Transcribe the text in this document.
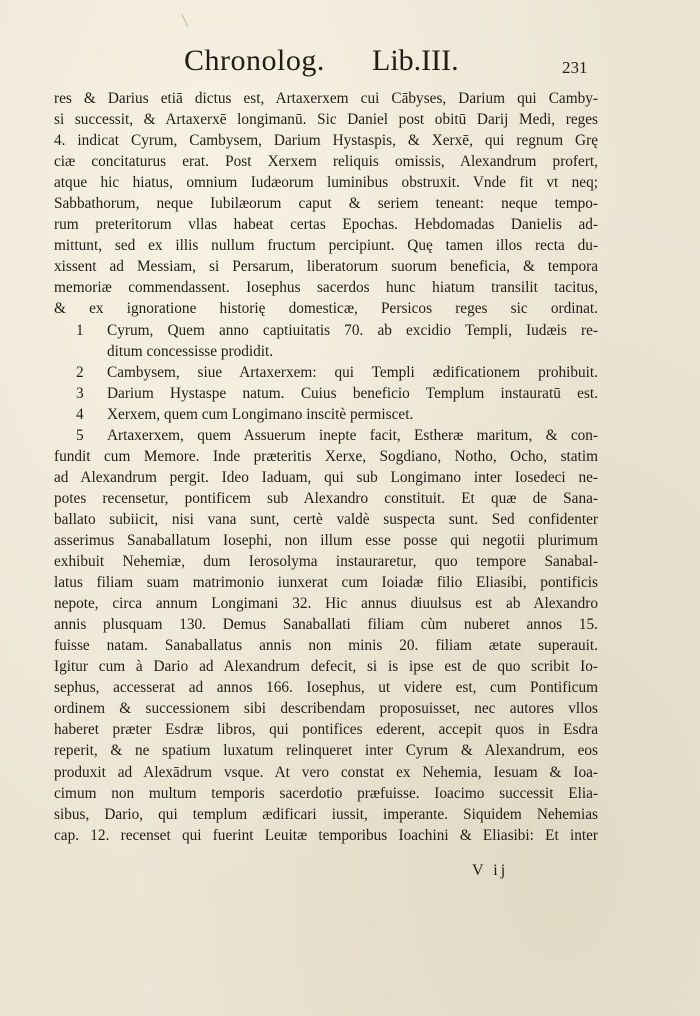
Chronolog. Lib.III.	231
res & Darius etiā dictus est, Artaxerxem cui Cābyses, Darium qui Camby-
si successit, & Artaxerxē longimanū. Sic Daniel post obitū Darij Medi, reges
4. indicat Cyrum, Cambysem, Darium Hystaspis, & Xerxē, qui regnum Grę
ciæ concitaturus erat. Post Xerxem reliquis omissis, Alexandrum profert,
atque hic hiatus, omnium Iudæorum luminibus obstruxit. Vnde fit vt neq;
Sabbathorum, neque Iubilæorum caput & seriem teneant: neque tempo-
rum preteritorum vllas habeat certas Epochas. Hebdomadas Danielis ad-
mittunt, sed ex illis nullum fructum percipiunt. Quę tamen illos recta du-
xissent ad Messiam, si Persarum, liberatorum suorum beneficia, & tempora
memoriæ commendassent. Iosephus sacerdos hunc hiatum transilit tacitus,
& ex ignoratione historię domesticæ, Persicos reges sic ordinat.
1 Cyrum, Quem anno captiuitatis 70. ab excidio Templi, Iudæis re-
ditum concessisse prodidit.
2 Cambysem, siue Artaxerxem: qui Templi ædificationem prohibuit.
3 Darium Hystaspe natum. Cuius beneficio Templum instauratū est.
4 Xerxem, quem cum Longimano inscitè permiscet.
5 Artaxerxem, quem Assuerum inepte facit, Estheræ maritum, & con-
fundit cum Memore. Inde præteritis Xerxe, Sogdiano, Notho, Ocho, statim
ad Alexandrum pergit. Ideo Iaduam, qui sub Longimano inter Iosedeci ne-
potes recensetur, pontificem sub Alexandro constituit. Et quæ de Sana-
ballato subiicit, nisi vana sunt, certè valdè suspecta sunt. Sed confidenter
asserimus Sanaballatum Iosephi, non illum esse posse qui negotii plurimum
exhibuit Nehemiæ, dum Ierosolyma instauraretur, quo tempore Sanabal-
latus filiam suam matrimonio iunxerat cum Ioiadæ filio Eliasibi, pontificis
nepote, circa annum Longimani 32. Hic annus diuulsus est ab Alexandro
annis plusquam 130. Demus Sanaballati filiam cùm nuberet annos 15.
fuisse natam. Sanaballatus annis non minis 20. filiam ætate superauit.
Igitur cum à Dario ad Alexandrum defecit, si is ipse est de quo scribit Io-
sephus, accesserat ad annos 166. Iosephus, ut videre est, cum Pontificum
ordinem & successionem sibi describendam proposuisset, nec autores vllos
haberet præter Esdræ libros, qui pontifices ederent, accepit quos in Esdra
reperit, & ne spatium luxatum relinqueret inter Cyrum & Alexandrum, eos
produxit ad Alexādrum vsque. At vero constat ex Nehemia, Iesuam & Ioa-
cimum non multum temporis sacerdotio præfuisse. Ioacimo successit Elia-
sibus, Dario, qui templum ædificari iussit, imperante. Siquidem Nehemias
cap. 12. recenset qui fuerint Leuitæ temporibus Ioachini & Eliasibi: Et inter
V ij
